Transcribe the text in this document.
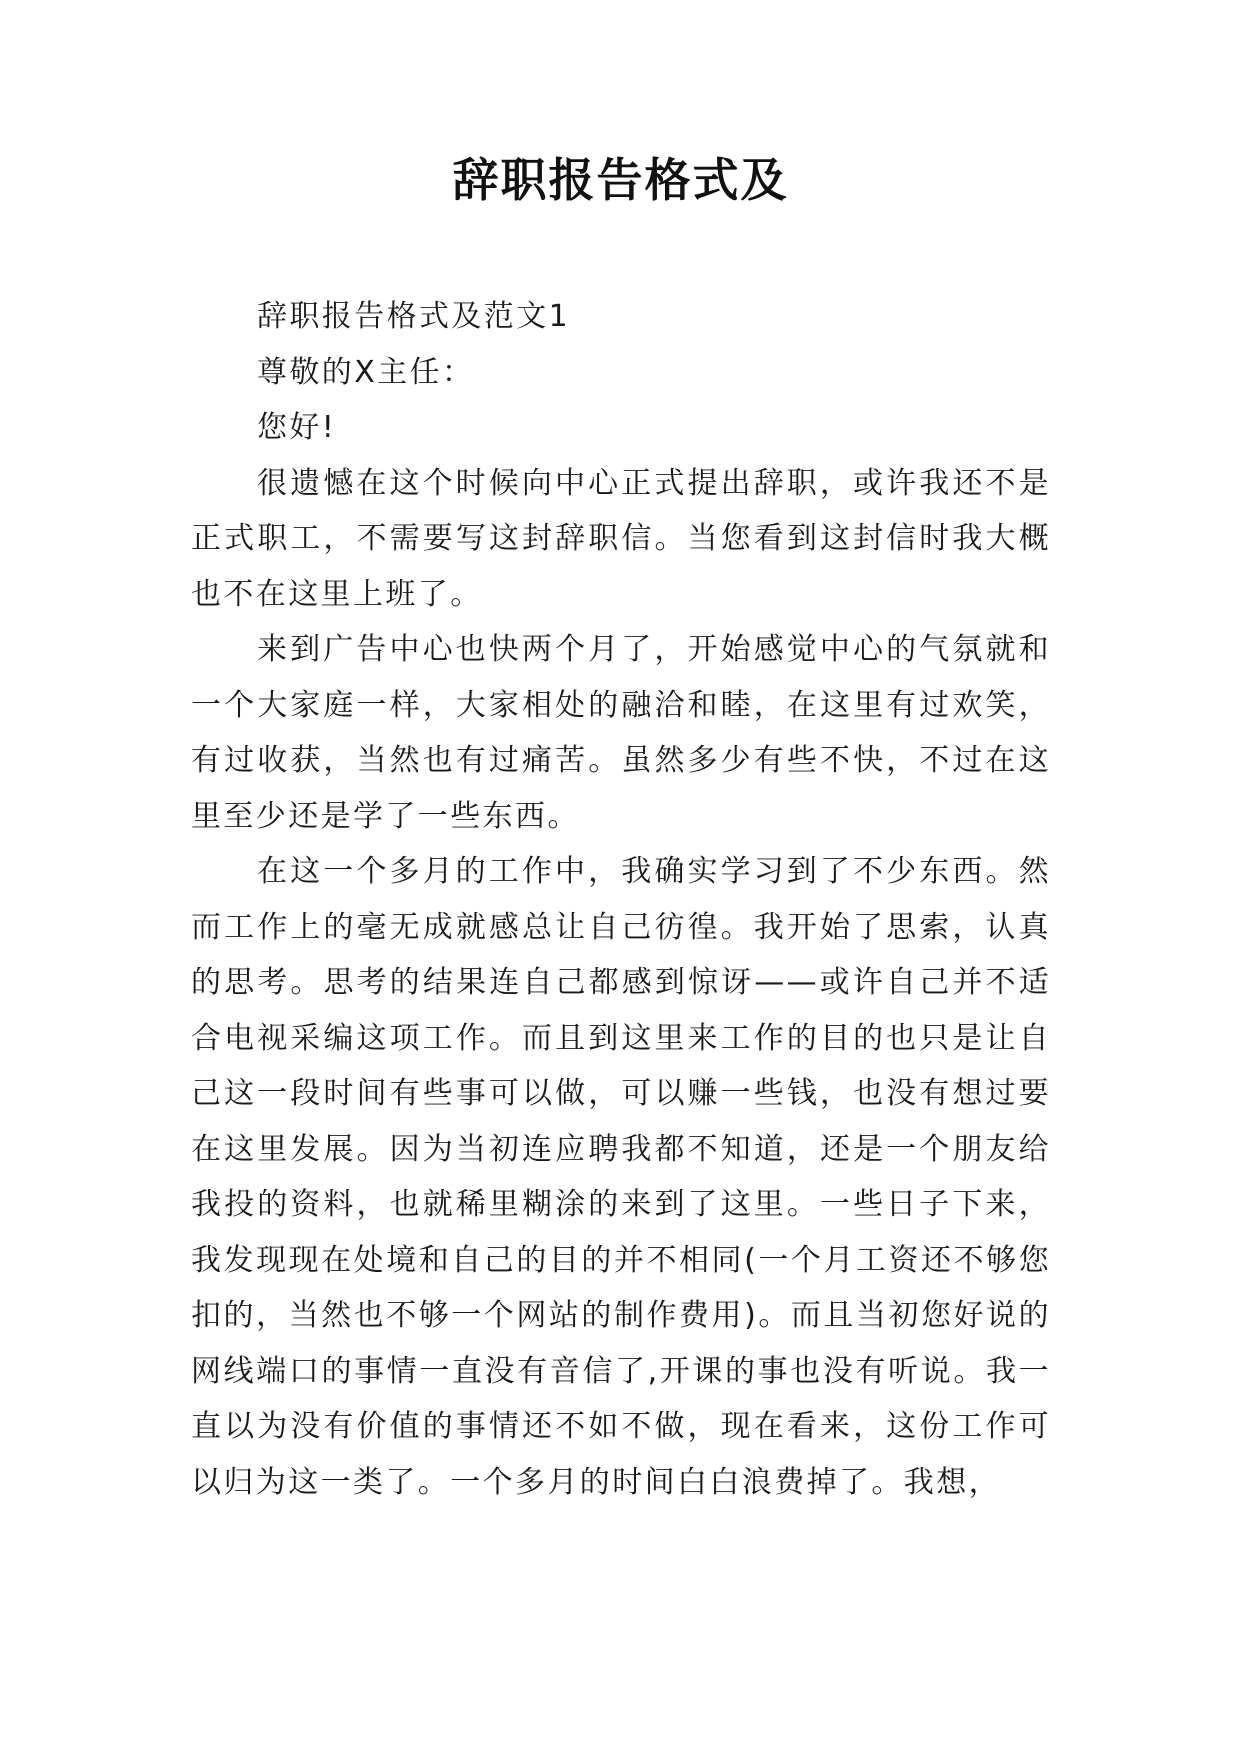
辞职报告格式及

辞职报告格式及范文1

尊敬的X主任：

您好!

很遗憾在这个时候向中心正式提出辞职，或许我还不是正式职工，不需要写这封辞职信。当您看到这封信时我大概也不在这里上班了。

来到广告中心也快两个月了，开始感觉中心的气氛就和一个大家庭一样，大家相处的融洽和睦，在这里有过欢笑，有过收获，当然也有过痛苦。虽然多少有些不快，不过在这里至少还是学了一些东西。

在这一个多月的工作中，我确实学习到了不少东西。然而工作上的毫无成就感总让自己彷徨。我开始了思索，认真的思考。思考的结果连自己都感到惊讶——或许自己并不适合电视采编这项工作。而且到这里来工作的目的也只是让自己这一段时间有些事可以做，可以赚一些钱，也没有想过要在这里发展。因为当初连应聘我都不知道，还是一个朋友给我投的资料，也就稀里糊涂的来到了这里。一些日子下来，我发现现在处境和自己的目的并不相同(一个月工资还不够您扣的，当然也不够一个网站的制作费用)。而且当初您好说的网线端口的事情一直没有音信了,开课的事也没有听说。我一直以为没有价值的事情还不如不做，现在看来，这份工作可以归为这一类了。一个多月的时间白白浪费掉了。我想，
